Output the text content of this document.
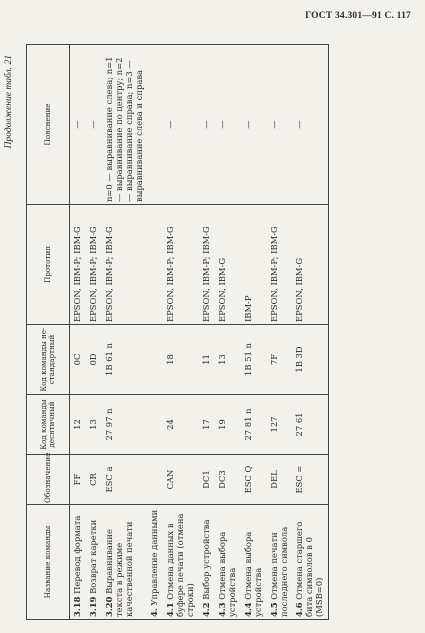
ГОСТ 34.301—91 С. 117

Продолжение табл. 21

Название команды	Обозначение	Код команды десятичный	Код команды не- стандартный	Прототип	Пояснение
3.18 Перевод формата	FF	12	0C	EPSON, IBM-P; IBM-G	—
3.19 Возврат каретки	CR	13	0D	EPSON, IBM-P; IBM-G	—
3.20 Выравнивание текста в режиме качественной печати	ESC a	27 97 n	1B 61 n	EPSON, IBM-P; IBM-G	n=0 — выравнивание слева; n=1 — выравнивание по центру; n=2 — выравнивание справа; n=3 — выравнивание слева и справа
4. Управление данными					
4.1 Отмена данных в буфере печати (отмена строки)	CAN	24	18	EPSON, IBM-P; IBM-G	—
4.2 Выбор устройства	DC1	17	11	EPSON, IBM-P; IBM-G	—
4.3 Отмена выбора устройства	DC3	19	13	EPSON, IBM-G	—
4.4 Отмена выбора устройства	ESC Q	27 81 n	1B 51 n	IBM-P	—
4.5 Отмена печати последнего символа	DEL	127	7F	EPSON, IBM-P; IBM-G	—
4.6 Отмена старшего бита символов в 0 (MSB=0)	ESC =	27 61	1B 3D	EPSON, IBM-G	—
